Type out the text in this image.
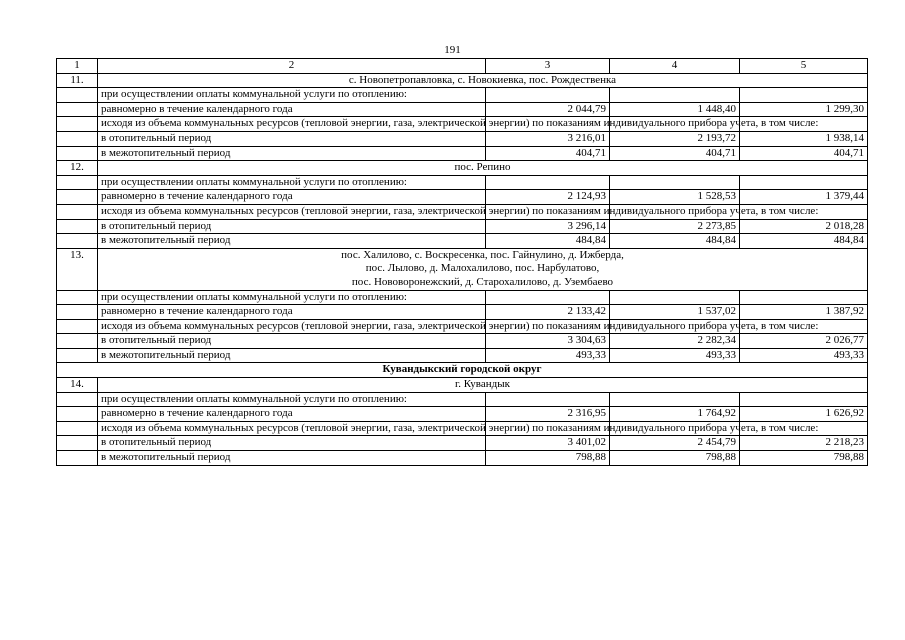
191
1	2	3	4	5
11.	с. Новопетропавловка, с. Новокиевка, пос. Рождественка			

	при осуществлении оплаты коммунальной услуги по отоплению:			
	равномерно в течение календарного года	2 044,79	1 448,40	1 299,30
	исходя из объема коммунальных ресурсов (тепловой энергии, газа, электрической энергии) по показаниям индивидуального прибора учета, в том числе:			
	в отопительный период	3 216,01	2 193,72	1 938,14
	в межотопительный период	404,71	404,71	404,71
12.	пос. Репино			

	при осуществлении оплаты коммунальной услуги по отоплению:			
	равномерно в течение календарного года	2 124,93	1 528,53	1 379,44
	исходя из объема коммунальных ресурсов (тепловой энергии, газа, электрической энергии) по показаниям индивидуального прибора учета, в том числе:			
	в отопительный период	3 296,14	2 273,85	2 018,28
	в межотопительный период	484,84	484,84	484,84
13.	пос. Халилово, с. Воскресенка, пос. Гайнулино, д. Ижберда,
пос. Лылово, д. Малохалилово, пос. Нарбулатово,
пос. Нововоронежский, д. Старохалилово, д. Узембаево			

	при осуществлении оплаты коммунальной услуги по отоплению:			
	равномерно в течение календарного года	2 133,42	1 537,02	1 387,92
	исходя из объема коммунальных ресурсов (тепловой энергии, газа, электрической энергии) по показаниям индивидуального прибора учета, в том числе:			
	в отопительный период	3 304,63	2 282,34	2 026,77
	в межотопительный период	493,33	493,33	493,33

Кувандыкский городской округ				

14.	г. Кувандык			

	при осуществлении оплаты коммунальной услуги по отоплению:			
	равномерно в течение календарного года	2 316,95	1 764,92	1 626,92
	исходя из объема коммунальных ресурсов (тепловой энергии, газа, электрической энергии) по показаниям индивидуального прибора учета, в том числе:			
	в отопительный период	3 401,02	2 454,79	2 218,23
	в межотопительный период	798,88	798,88	798,88
